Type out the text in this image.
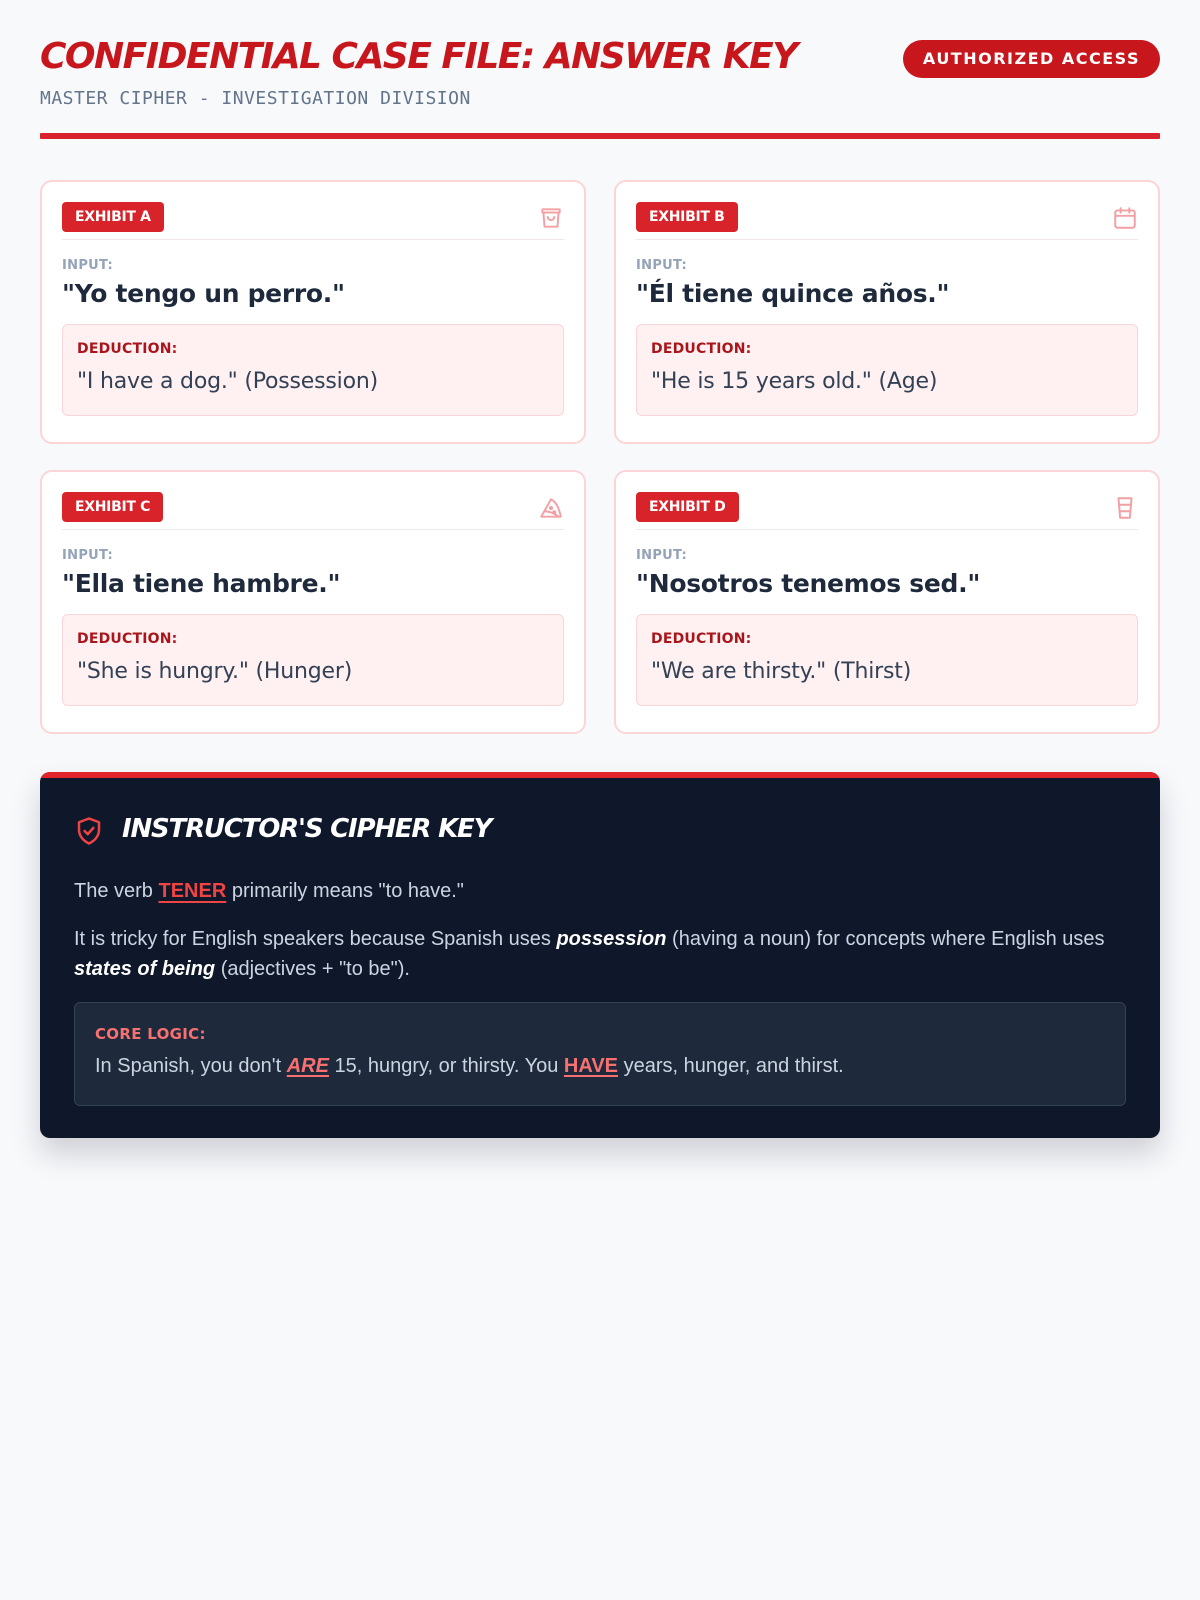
CONFIDENTIAL CASE FILE: ANSWER KEY
MASTER CIPHER - INVESTIGATION DIVISION
AUTHORIZED ACCESS
EXHIBIT A
INPUT:
"Yo tengo un perro."
DEDUCTION:
"I have a dog." (Possession)
EXHIBIT B
INPUT:
"Él tiene quince años."
DEDUCTION:
"He is 15 years old." (Age)
EXHIBIT C
INPUT:
"Ella tiene hambre."
DEDUCTION:
"She is hungry." (Hunger)
EXHIBIT D
INPUT:
"Nosotros tenemos sed."
DEDUCTION:
"We are thirsty." (Thirst)
INSTRUCTOR'S CIPHER KEY
The verb TENER primarily means "to have."
It is tricky for English speakers because Spanish uses possession (having a noun) for concepts where English uses states of being (adjectives + "to be").
CORE LOGIC:
In Spanish, you don't ARE 15, hungry, or thirsty. You HAVE years, hunger, and thirst.
